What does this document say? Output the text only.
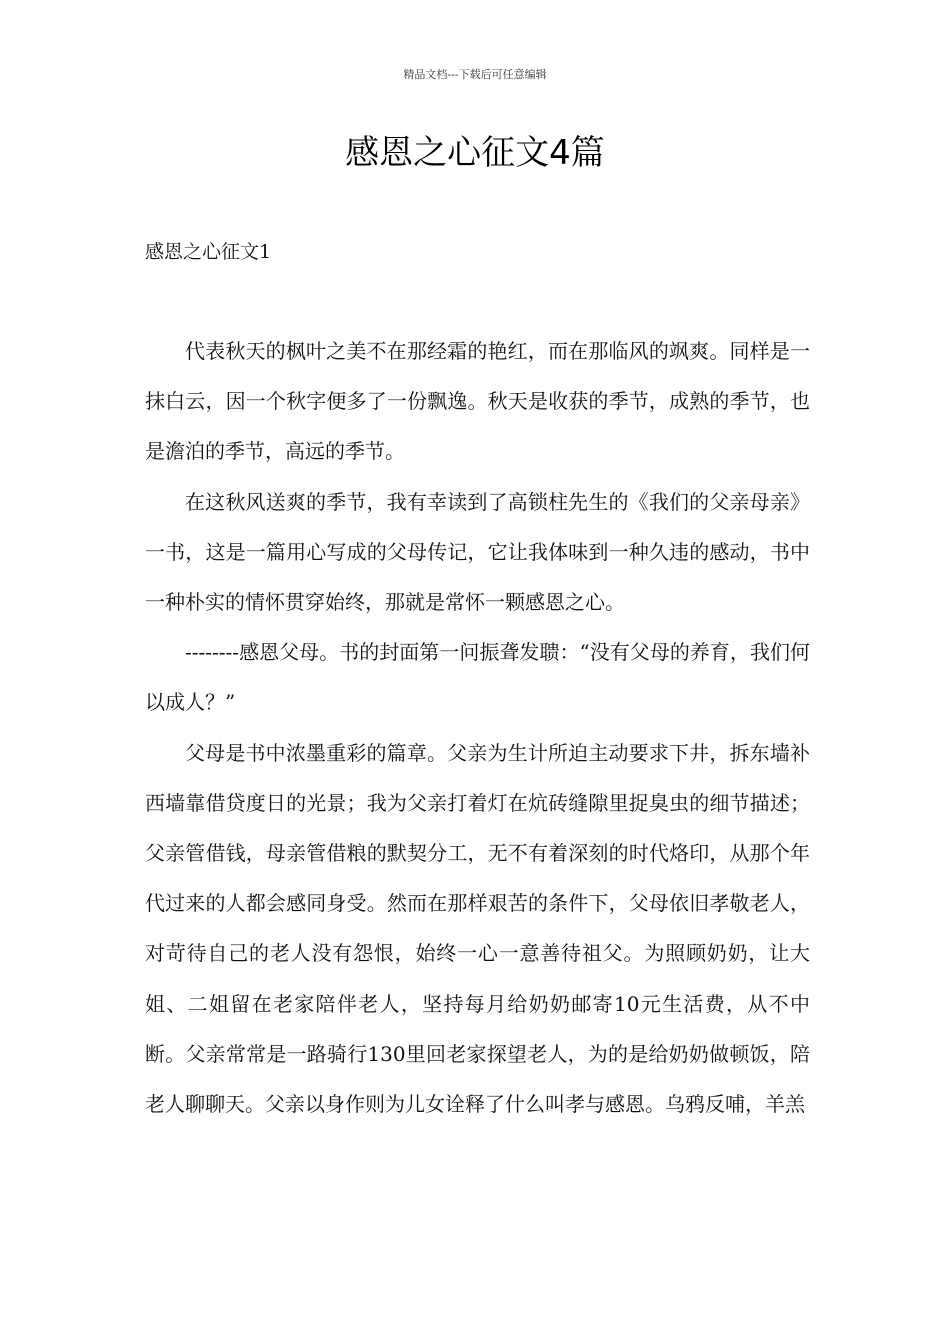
精品文档---下载后可任意编辑
感恩之心征文4篇
感恩之心征文1

代表秋天的枫叶之美不在那经霜的艳红，而在那临风的飒爽。同样是一抹白云，因一个秋字便多了一份飘逸。秋天是收获的季节，成熟的季节，也是澹泊的季节，高远的季节。

在这秋风送爽的季节，我有幸读到了高锁柱先生的《我们的父亲母亲》一书，这是一篇用心写成的父母传记，它让我体味到一种久违的感动，书中一种朴实的情怀贯穿始终，那就是常怀一颗感恩之心。

--------感恩父母。书的封面第一问振聋发聩：“没有父母的养育，我们何以成人？”

父母是书中浓墨重彩的篇章。父亲为生计所迫主动要求下井，拆东墙补西墙靠借贷度日的光景；我为父亲打着灯在炕砖缝隙里捉臭虫的细节描述；父亲管借钱，母亲管借粮的默契分工，无不有着深刻的时代烙印，从那个年代过来的人都会感同身受。然而在那样艰苦的条件下，父母依旧孝敬老人，对苛待自己的老人没有怨恨，始终一心一意善待祖父。为照顾奶奶，让大姐、二姐留在老家陪伴老人，坚持每月给奶奶邮寄10元生活费，从不中断。父亲常常是一路骑行130里回老家探望老人，为的是给奶奶做顿饭，陪老人聊聊天。父亲以身作则为儿女诠释了什么叫孝与感恩。乌鸦反哺，羊羔
